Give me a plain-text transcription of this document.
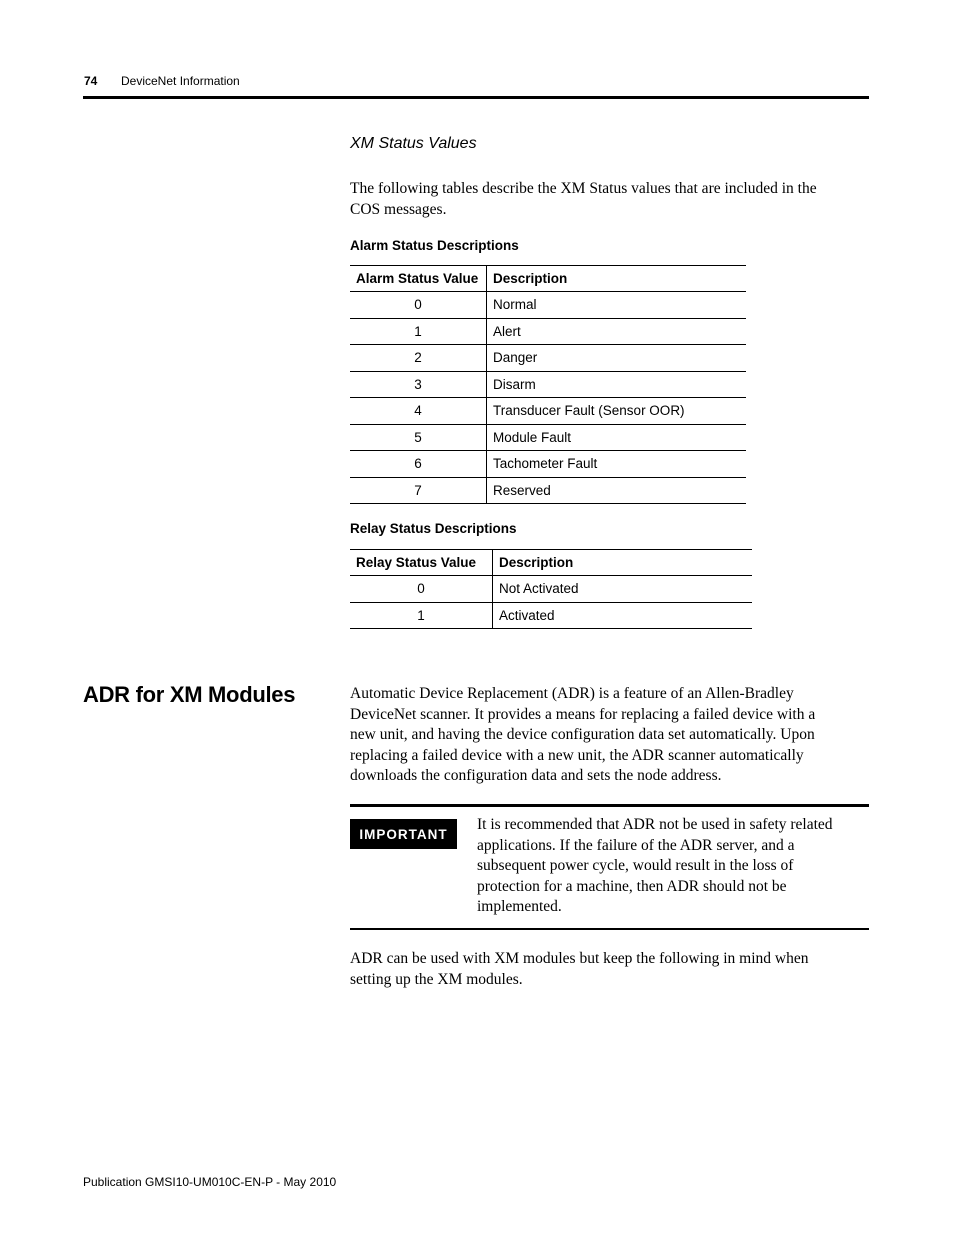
74 DeviceNet Information
XM Status Values
The following tables describe the XM Status values that are included in the
COS messages.
Alarm Status Descriptions
Alarm Status Value	Description
0	Normal
1	Alert
2	Danger
3	Disarm
4	Transducer Fault (Sensor OOR)
5	Module Fault
6	Tachometer Fault
7	Reserved
Relay Status Descriptions
Relay Status Value	Description
0	Not Activated
1	Activated
ADR for XM Modules	Automatic Device Replacement (ADR) is a feature of an Allen-Bradley
DeviceNet scanner. It provides a means for replacing a failed device with a
new unit, and having the device configuration data set automatically. Upon
replacing a failed device with a new unit, the ADR scanner automatically
downloads the configuration data and sets the node address.
IMPORTANT
It is recommended that ADR not be used in safety related
applications. If the failure of the ADR server, and a
subsequent power cycle, would result in the loss of
protection for a machine, then ADR should not be
implemented.
ADR can be used with XM modules but keep the following in mind when
setting up the XM modules.
Publication GMSI10-UM010C-EN-P - May 2010
